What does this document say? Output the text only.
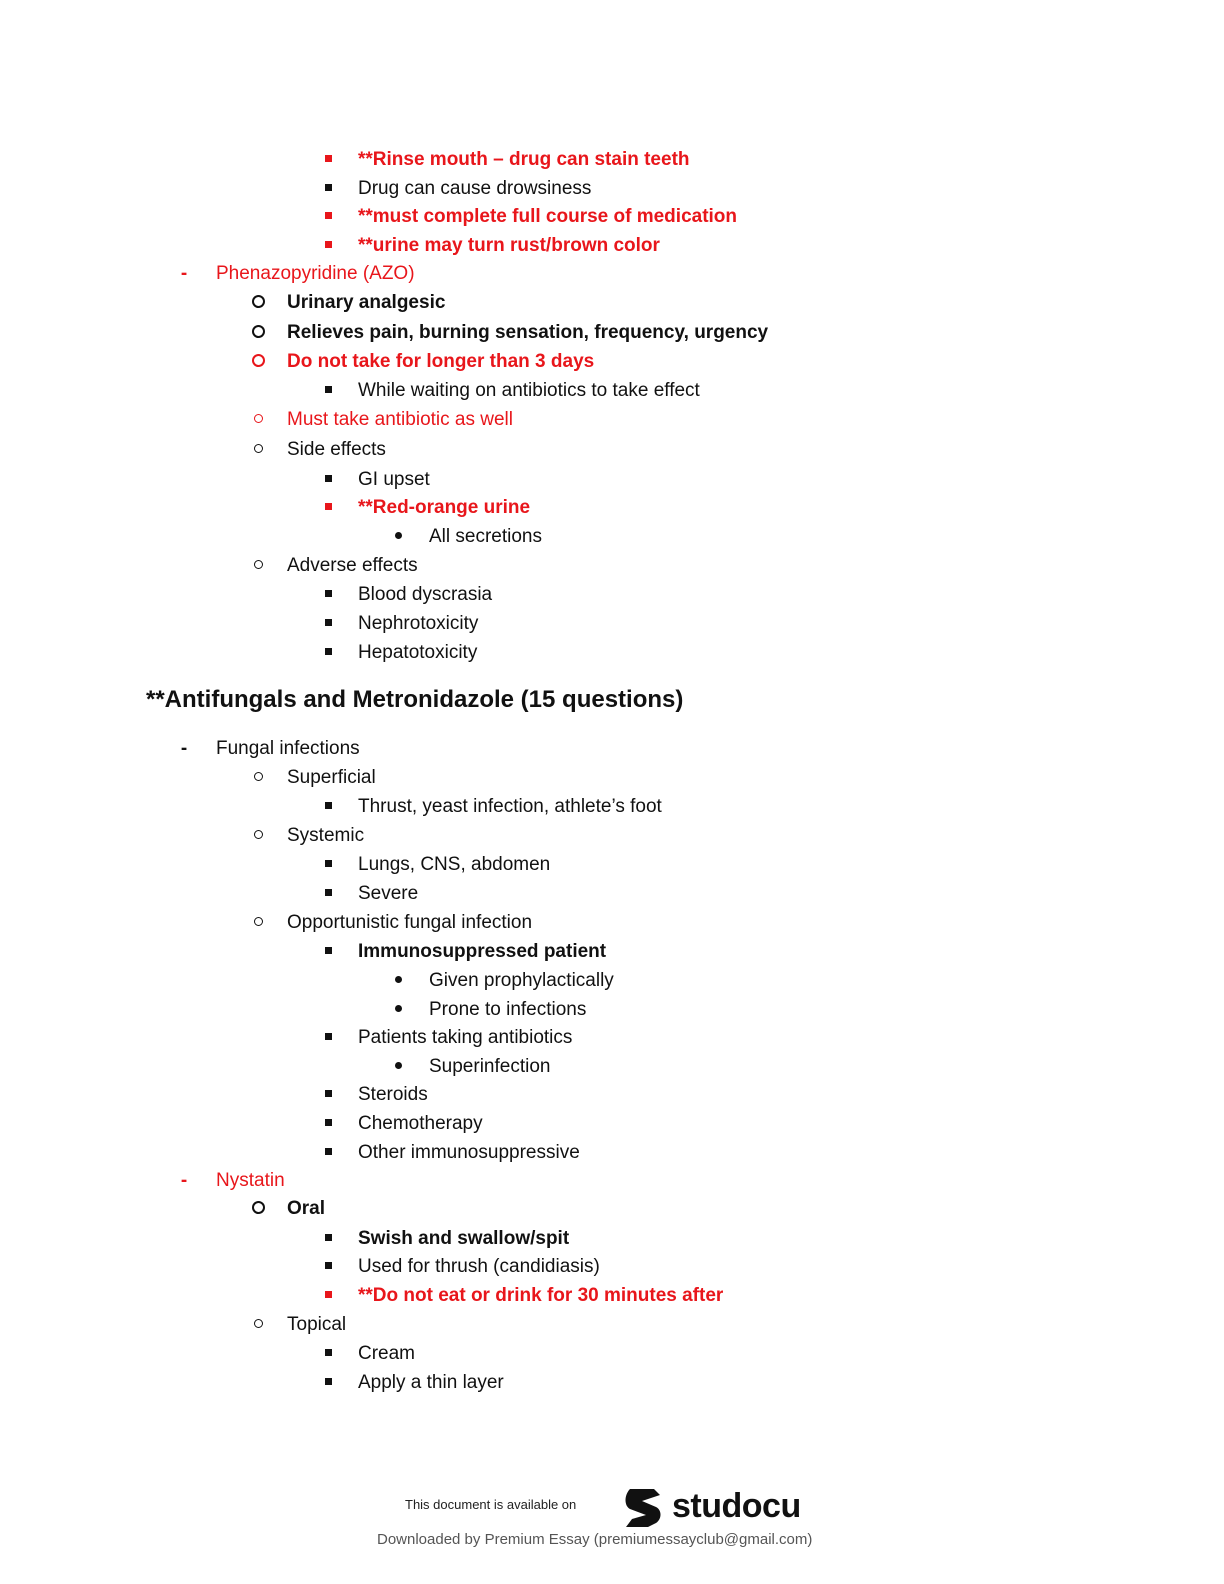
**Rinse mouth – drug can stain teeth
Drug can cause drowsiness
**must complete full course of medication
**urine may turn rust/brown color
-
Phenazopyridine (AZO)
Urinary analgesic
Relieves pain, burning sensation, frequency, urgency
Do not take for longer than 3 days
While waiting on antibiotics to take effect
Must take antibiotic as well
Side effects
GI upset
**Red-orange urine
All secretions
Adverse effects
Blood dyscrasia
Nephrotoxicity
Hepatotoxicity
-
Fungal infections
Superficial
Thrust, yeast infection, athlete’s foot
Systemic
Lungs, CNS, abdomen
Severe
Opportunistic fungal infection
Immunosuppressed patient
Given prophylactically
Prone to infections
Patients taking antibiotics
Superinfection
Steroids
Chemotherapy
Other immunosuppressive
-
Nystatin
Oral
Swish and swallow/spit
Used for thrush (candidiasis)
**Do not eat or drink for 30 minutes after
Topical
Cream
Apply a thin layer
**Antifungals and Metronidazole (15 questions)
This document is available on	studocu
Downloaded by Premium Essay (premiumessayclub@gmail.com)
